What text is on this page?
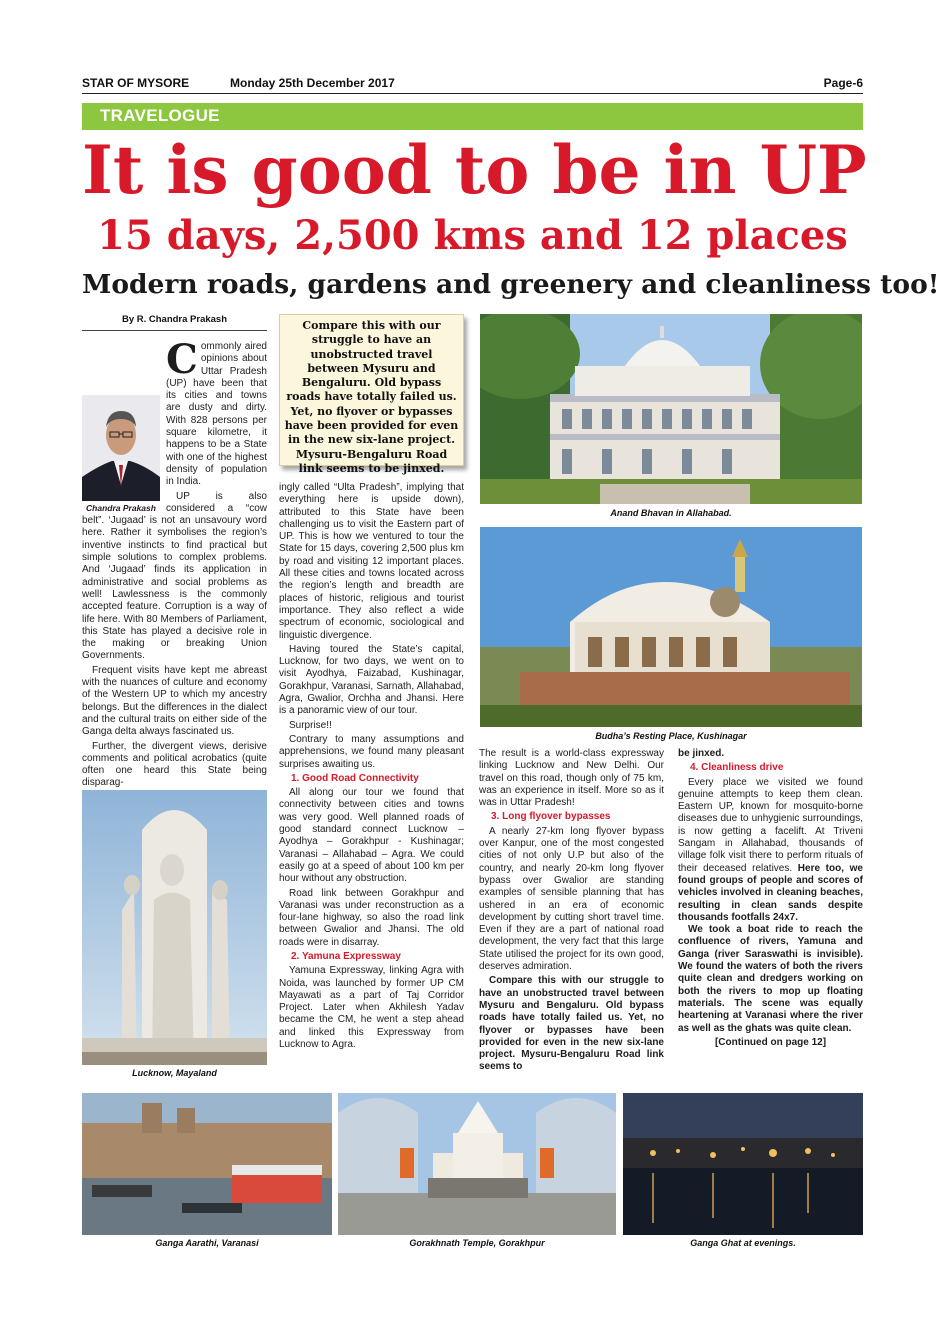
STAR OF MYSORE	Monday 25th December 2017	Page-6
TRAVELOGUE
It is good to be in UP
15 days, 2,500 kms and 12 places
Modern roads, gardens and greenery and cleanliness too!
By R. Chandra Prakash
Chandra Prakash

Commonly aired opinions about Uttar Pradesh (UP) have been that its cities and towns are dusty and dirty. With 828 persons per square kilometre, it happens to be a State with one of the highest density of population in India.

UP is also considered a “cow belt”. ‘Jugaad’ is not an unsavoury word here. Rather it symbolises the region’s inventive instincts to find practical but simple solutions to complex problems. And ‘Jugaad’ finds its application in administrative and social problems as well! Lawlessness is the commonly accepted feature. Corruption is a way of life here. With 80 Members of Parliament, this State has played a decisive role in the making or breaking Union Governments.

Frequent visits have kept me abreast with the nuances of culture and economy of the Western UP to which my ancestry belongs. But the differences in the dialect and the cultural traits on either side of the Ganga delta always fascinated us.

Further, the divergent views, derisive comments and political acrobatics (quite often one heard this State being disparag-

Lucknow, Mayaland
Compare this with our struggle to have an unobstructed travel between Mysuru and Bengaluru. Old bypass roads have totally failed us. Yet, no flyover or bypasses have been provided for even in the new six-lane project. Mysuru-Bengaluru Road link seems to be jinxed.

ingly called “Ulta Pradesh”, implying that everything here is upside down), attributed to this State have been challenging us to visit the Eastern part of UP. This is how we ventured to tour the State for 15 days, covering 2,500 plus km by road and visiting 12 important places. All these cities and towns located across the region’s length and breadth are places of historic, religious and tourist importance. They also reflect a wide spectrum of economic, sociological and linguistic divergence.

Having toured the State’s capital, Lucknow, for two days, we went on to visit Ayodhya, Faizabad, Kushinagar, Gorakhpur, Varanasi, Sarnath, Allahabad, Agra, Gwalior, Orchha and Jhansi. Here is a panoramic view of our tour.

Surprise!!

Contrary to many assumptions and apprehensions, we found many pleasant surprises awaiting us.

1. Good Road Connectivity

All along our tour we found that connectivity between cities and towns was very good. Well planned roads of good standard connect Lucknow – Ayodhya – Gorakhpur - Kushinagar; Varanasi – Allahabad – Agra. We could easily go at a speed of about 100 km per hour without any obstruction.

Road link between Gorakhpur and Varanasi was under reconstruction as a four-lane highway, so also the road link between Gwalior and Jhansi. The old roads were in disarray.

2. Yamuna Expressway

Yamuna Expressway, linking Agra with Noida, was launched by former UP CM Mayawati as a part of Taj Corridor Project. Later when Akhilesh Yadav became the CM, he went a step ahead and linked this Expressway from Lucknow to Agra.

Anand Bhavan in Allahabad.
Budha’s Resting Place, Kushinagar

The result is a world-class expressway linking Lucknow and New Delhi. Our travel on this road, though only of 75 km, was an experience in itself. More so as it was in Uttar Pradesh!

3. Long flyover bypasses

A nearly 27-km long flyover bypass over Kanpur, one of the most congested cities of not only U.P but also of the country, and nearly 20-km long flyover bypass over Gwalior are standing examples of sensible planning that has ushered in an era of economic development by cutting short travel time. Even if they are a part of national road development, the very fact that this large State utilised the project for its own good, deserves admiration.

Compare this with our struggle to have an unobstructed travel between Mysuru and Bengaluru. Old bypass roads have totally failed us. Yet, no flyover or bypasses have been provided for even in the new six-lane project. Mysuru-Bengaluru Road link seems to

be jinxed.

4. Cleanliness drive

Every place we visited we found genuine attempts to keep them clean. Eastern UP, known for mosquito-borne diseases due to unhygienic surroundings, is now getting a facelift. At Triveni Sangam in Allahabad, thousands of village folk visit there to perform rituals of their deceased relatives. Here too, we found groups of people and scores of vehicles involved in cleaning beaches, resulting in clean sands despite thousands footfalls 24x7.

We took a boat ride to reach the confluence of rivers, Yamuna and Ganga (river Saraswathi is invisible). We found the waters of both the rivers quite clean and dredgers working on both the rivers to mop up floating materials. The scene was equally heartening at Varanasi where the river as well as the ghats was quite clean.

[Continued on page 12]

Ganga Aarathi, Varanasi	Gorakhnath Temple, Gorakhpur	Ganga Ghat at evenings.
